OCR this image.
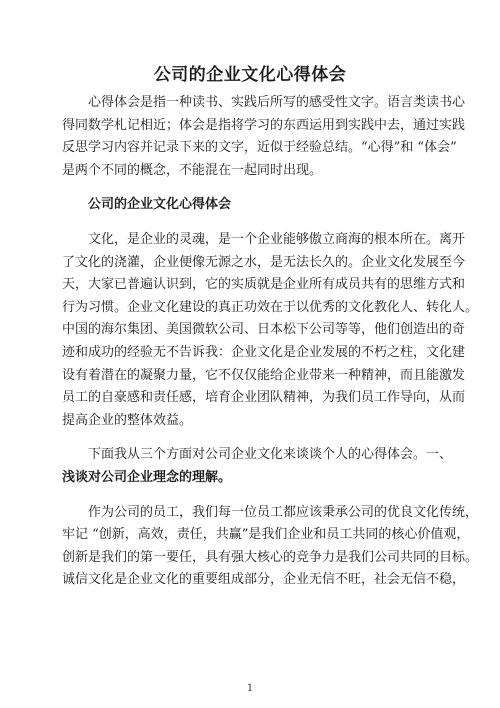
公司的企业文化心得体会
心得体会是指一种读书、实践后所写的感受性文字。语言类读书心
得同数学札记相近；体会是指将学习的东西运用到实践中去，通过实践
反思学习内容并记录下来的文字，近似于经验总结。“心得”和 “体会”
是两个不同的概念，不能混在一起同时出现。
公司的企业文化心得体会
文化，是企业的灵魂，是一个企业能够傲立商海的根本所在。离开
了文化的浇灌，企业便像无源之水，是无法长久的。企业文化发展至今
天，大家已普遍认识到，它的实质就是企业所有成员共有的思维方式和
行为习惯。企业文化建设的真正功效在于以优秀的文化教化人、转化人。
中国的海尔集团、美国微软公司、日本松下公司等等，他们创造出的奇
迹和成功的经验无不告诉我：企业文化是企业发展的不朽之柱，文化建
设有着潜在的凝聚力量，它不仅仅能给企业带来一种精神，而且能激发
员工的自豪感和责任感，培育企业团队精神，为我们员工作导向，从而
提高企业的整体效益。
下面我从三个方面对公司企业文化来谈谈个人的心得体会。 一、
浅谈对公司企业理念的理解。
作为公司的员工，我们每一位员工都应该秉承公司的优良文化传统，
牢记 “创新，高效，责任，共赢”是我们企业和员工共同的核心价值观，
创新是我们的第一要任，具有强大核心的竞争力是我们公司共同的目标。
诚信文化是企业文化的重要组成部分，企业无信不旺，社会无信不稳，
1
